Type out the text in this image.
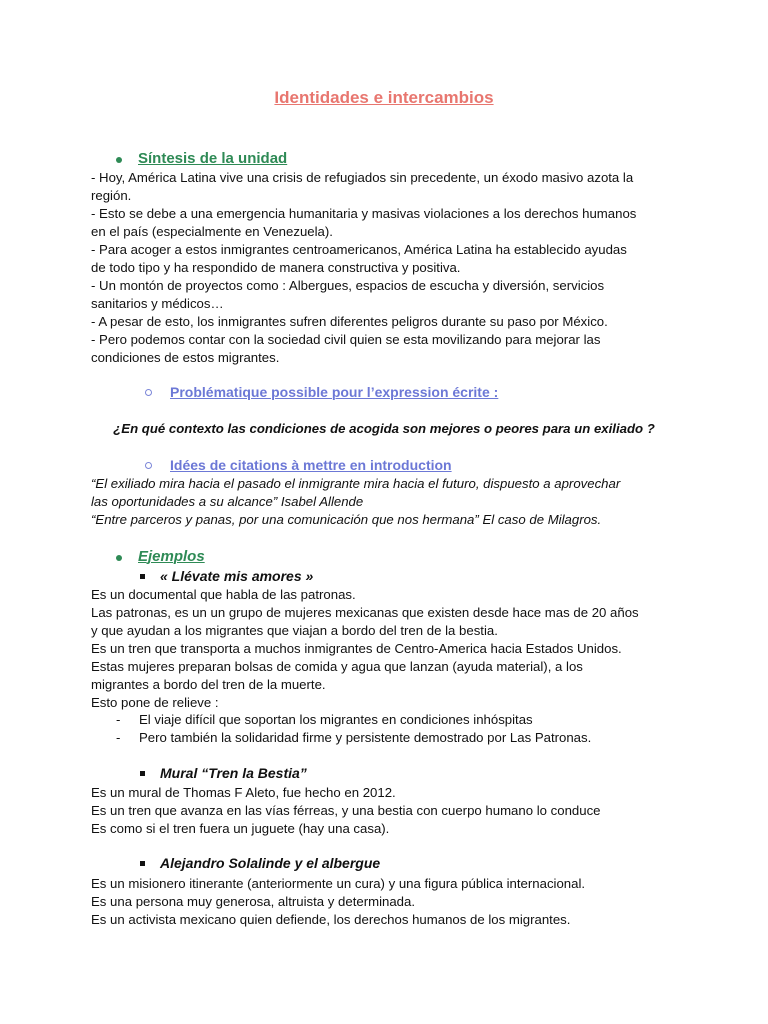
Identidades e intercambios
Síntesis de la unidad
- Hoy, América Latina vive una crisis de refugiados sin precedente, un éxodo masivo azota la
región.
- Esto se debe a una emergencia humanitaria y masivas violaciones a los derechos humanos
en el país (especialmente en Venezuela).
- Para acoger a estos inmigrantes centroamericanos, América Latina ha establecido ayudas
de todo tipo y ha respondido de manera constructiva y positiva.
- Un montón de proyectos como : Albergues, espacios de escucha y diversión, servicios
sanitarios y médicos…
- A pesar de esto, los inmigrantes sufren diferentes peligros durante su paso por México.
- Pero podemos contar con la sociedad civil quien se esta movilizando para mejorar las
condiciones de estos migrantes.
Problématique possible pour l’expression écrite :
¿En qué contexto las condiciones de acogida son mejores o peores para un exiliado ?
Idées de citations à mettre en introduction
“El exiliado mira hacia el pasado el inmigrante mira hacia el futuro, dispuesto a aprovechar
las oportunidades a su alcance” Isabel Allende
“Entre parceros y panas, por una comunicación que nos hermana” El caso de Milagros.
Ejemplos
« Llévate mis amores »
Es un documental que habla de las patronas.
Las patronas, es un un grupo de mujeres mexicanas que existen desde hace mas de 20 años
y que ayudan a los migrantes que viajan a bordo del tren de la bestia.
Es un tren que transporta a muchos inmigrantes de Centro-America hacia Estados Unidos.
Estas mujeres preparan bolsas de comida y agua que lanzan (ayuda material), a los
migrantes a bordo del tren de la muerte.
Esto pone de relieve :
- El viaje difícil que soportan los migrantes en condiciones inhóspitas
- Pero también la solidaridad firme y persistente demostrado por Las Patronas.
Mural “Tren la Bestia”
Es un mural de Thomas F Aleto, fue hecho en 2012.
Es un tren que avanza en las vías férreas, y una bestia con cuerpo humano lo conduce
Es como si el tren fuera un juguete (hay una casa).
Alejandro Solalinde y el albergue
Es un misionero itinerante (anteriormente un cura) y una figura pública internacional.
Es una persona muy generosa, altruista y determinada.
Es un activista mexicano quien defiende, los derechos humanos de los migrantes.
